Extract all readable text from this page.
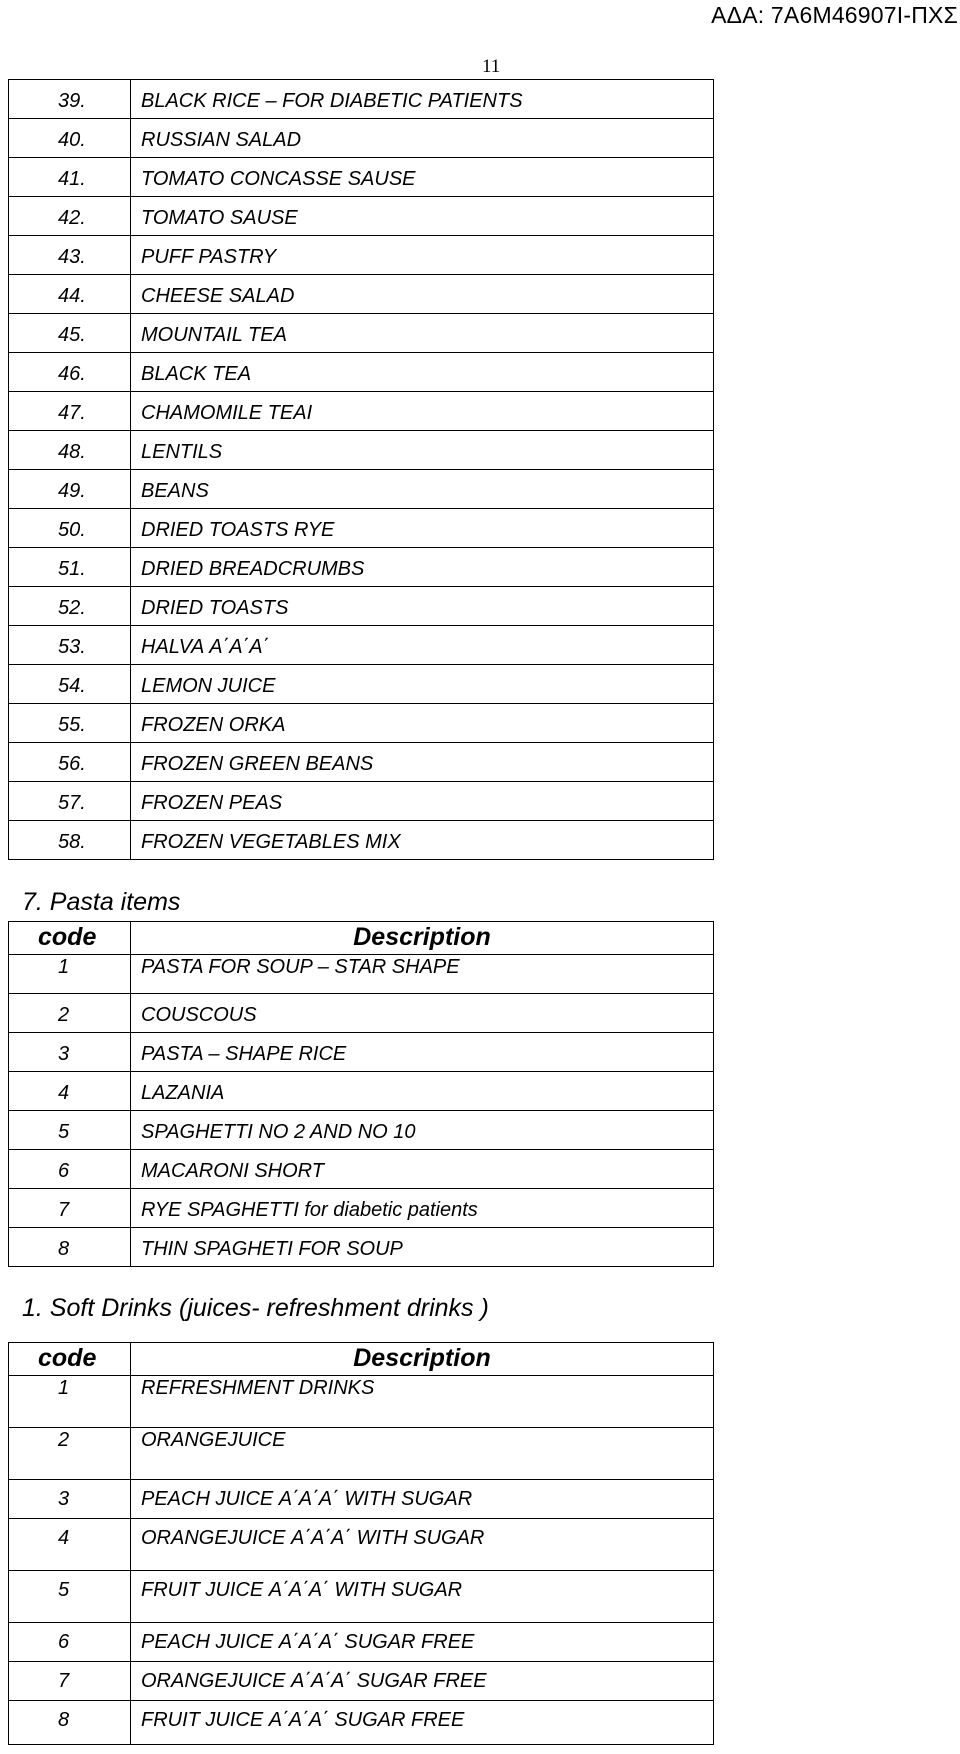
ΑΔΑ: 7Α6Μ46907Ι-ΠΧΣ
11
39.	BLACK RICE – FOR DIABETIC PATIENTS
40.	RUSSIAN SALAD
41.	TOMATO CONCASSE SAUSE
42.	TOMATO SAUSE
43.	PUFF PASTRY
44.	CHEESE SALAD
45.	MOUNTAIL TEA
46.	BLACK TEA
47.	CHAMOMILE TEAI
48.	LENTILS
49.	BEANS
50.	DRIED TOASTS RYE
51.	DRIED BREADCRUMBS
52.	DRIED TOASTS
53.	HALVA Α΄Α΄Α΄
54.	LEMON JUICE
55.	FROZEN ORKA
56.	FROZEN GREEN BEANS
57.	FROZEN PEAS
58.	FROZEN VEGETABLES MIX
7. Pasta items
code	Description
1	PASTA FOR SOUP – STAR SHAPE
2	COUSCOUS
3	PASTA – SHAPE RICE
4	LAZANIA
5	SPAGHETTI NO 2 AND NO 10
6	MACARONI SHORT
7	RYE SPAGHETTI for diabetic patients
8	THIN SPAGHETI FOR SOUP
1. Soft Drinks (juices- refreshment drinks )
code	Description
1	REFRESHMENT DRINKS
2	ORANGEJUICE
3	PEACH JUICE Α΄Α΄Α΄ WITH SUGAR
4	ORANGEJUICE Α΄Α΄Α΄ WITH SUGAR
5	FRUIT JUICE Α΄Α΄Α΄ WITH SUGAR
6	PEACH JUICE Α΄Α΄Α΄ SUGAR FREE
7	ORANGEJUICE Α΄Α΄Α΄ SUGAR FREE
8	FRUIT JUICE Α΄Α΄Α΄ SUGAR FREE
